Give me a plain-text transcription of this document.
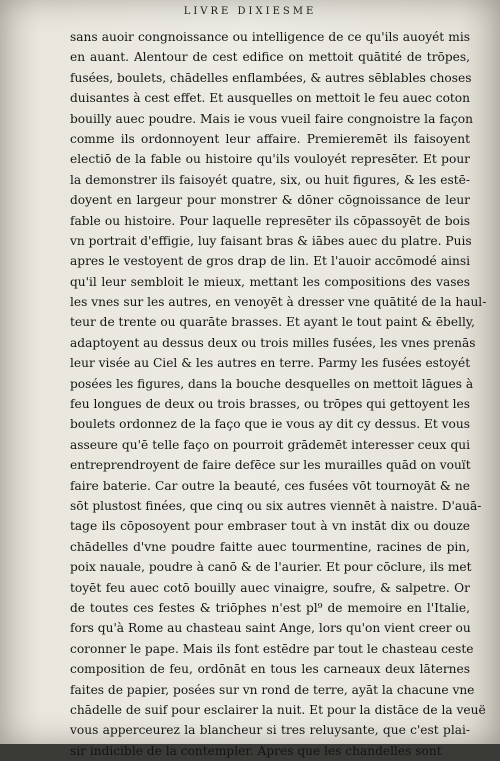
LIVRE DIXIESME
sans auoir congnoissance ou intelligence de ce qu'ils auoyét mis
en auant. Alentour de cest edifice on mettoit quātité de trōpes,
fusées, boulets, chādelles enflambées, & autres sēblables choses
duisantes à cest effet. Et ausquelles on mettoit le feu auec coton
bouilly auec poudre. Mais ie vous vueil faire congnoistre la façon
comme ils ordonnoyent leur affaire. Premieremēt ils faisoyent
electiō de la fable ou histoire qu'ils vouloyét represēter. Et pour
la demonstrer ils faisoyét quatre, six, ou huit figures, & les estē-
doyent en largeur pour monstrer & dōner cōgnoissance de leur
fable ou histoire. Pour laquelle represēter ils cōpassoyēt de bois
vn portrait d'effigie, luy faisant bras & iābes auec du platre. Puis
apres le vestoyent de gros drap de lin. Et l'auoir accōmodé ainsi
qu'il leur sembloit le mieux, mettant les compositions des vases
les vnes sur les autres, en venoyēt à dresser vne quātité de la haul-
teur de trente ou quarāte brasses. Et ayant le tout paint & ēbelly,
adaptoyent au dessus deux ou trois milles fusées, les vnes prenās
leur visée au Ciel & les autres en terre. Parmy les fusées estoyét
posées les figures, dans la bouche desquelles on mettoit lāgues à
feu longues de deux ou trois brasses, ou trōpes qui gettoyent les
boulets ordonnez de la faço que ie vous ay dit cy dessus. Et vous
asseure qu'ē telle faço on pourroit grādemēt interesser ceux qui
entreprendroyent de faire defēce sur les murailles quād on vouït
faire baterie. Car outre la beauté, ces fusées vōt tournoyāt & ne
sōt plustost finées, que cinq ou six autres viennēt à naistre. D'auā-
tage ils cōposoyent pour embraser tout à vn instāt dix ou douze
chādelles d'vne poudre faitte auec tourmentine, racines de pin,
poix nauale, poudre à canō & de l'aurier. Et pour cōclure, ils met
toyēt feu auec cotō bouilly auec vinaigre, soufre, & salpetre. Or
de toutes ces festes & triōphes n'est pl⁹ de memoire en l'Italie,
fors qu'à Rome au chasteau saint Ange, lors qu'on vient creer ou
coronner le pape. Mais ils font estēdre par tout le chasteau ceste
composition de feu, ordōnāt en tous les carneaux deux lāternes
faites de papier, posées sur vn rond de terre, ayāt la chacune vne
chādelle de suif pour esclairer la nuit. Et pour la distāce de la veuë
vous apperceurez la blancheur si tres reluysante, que c'est plai-
sir indicible de la contempler. Apres que les chandelles sont
